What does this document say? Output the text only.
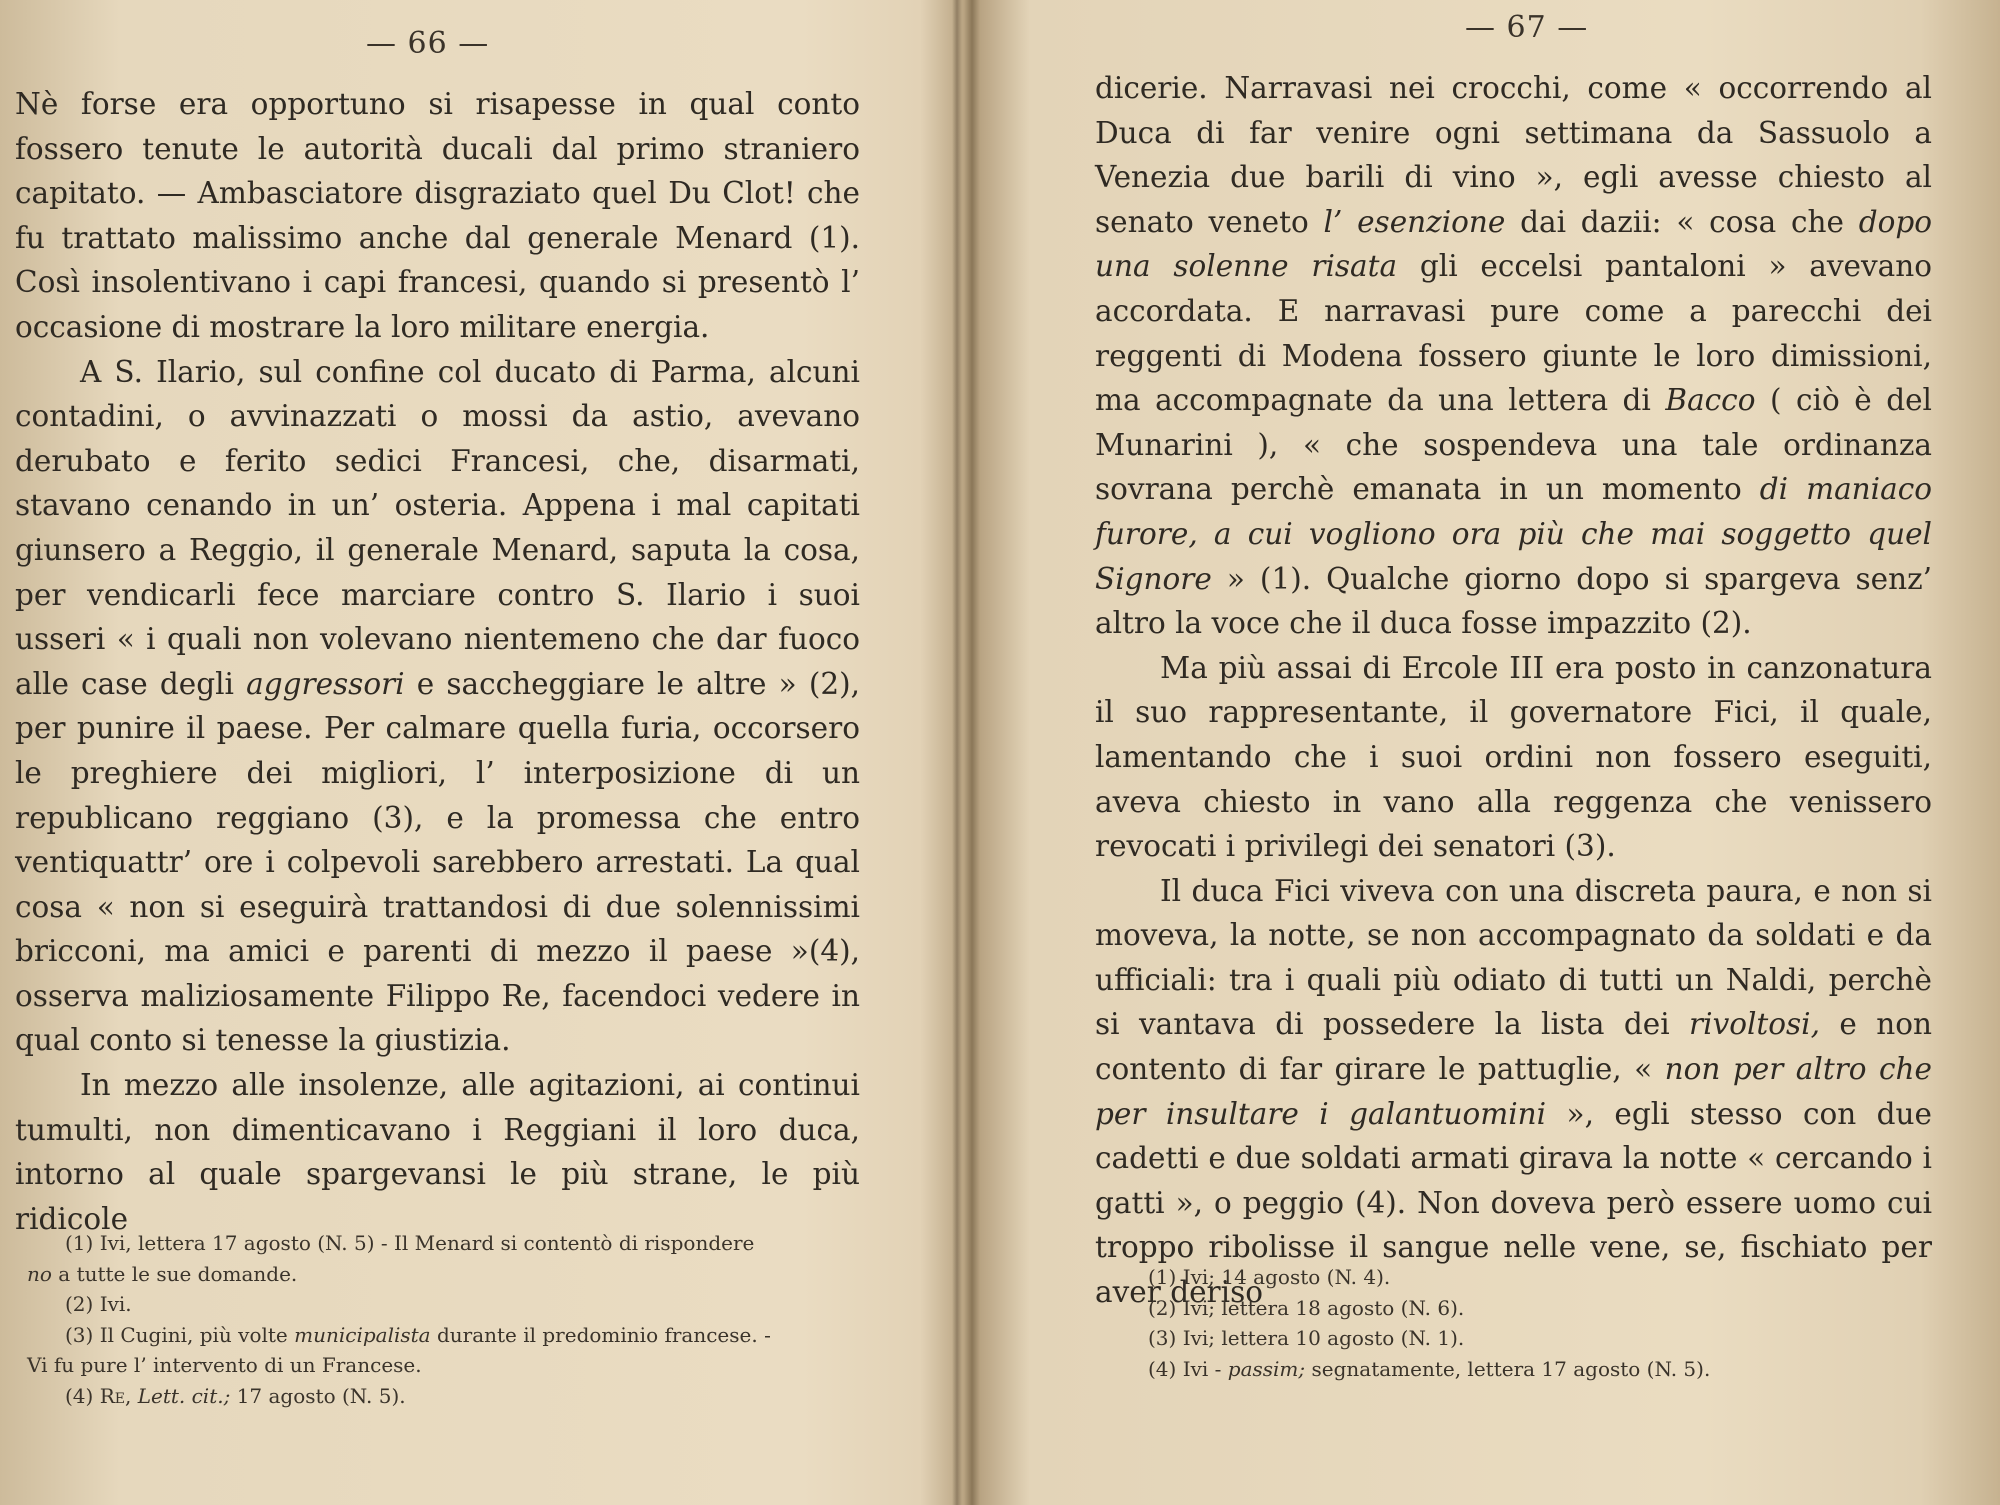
— 66 —

Nè forse era opportuno si risapesse in qual conto fossero tenute le autorità ducali dal primo straniero capitato. — Ambasciatore disgraziato quel Du Clot! che fu trattato malissimo anche dal generale Menard (1). Così insolentivano i capi francesi, quando si presentò l’ occasione di mostrare la loro militare energia.

A S. Ilario, sul confine col ducato di Parma, alcuni contadini, o avvinazzati o mossi da astio, avevano derubato e ferito sedici Francesi, che, disarmati, stavano cenando in un’ osteria. Appena i mal capitati giunsero a Reggio, il generale Menard, saputa la cosa, per vendicarli fece marciare contro S. Ilario i suoi usseri « i quali non volevano nientemeno che dar fuoco alle case degli aggressori e saccheggiare le altre » (2), per punire il paese. Per calmare quella furia, occorsero le preghiere dei migliori, l’ interposizione di un republicano reggiano (3), e la promessa che entro ventiquattr’ ore i colpevoli sarebbero arrestati. La qual cosa « non si eseguirà trattandosi di due solennissimi bricconi, ma amici e parenti di mezzo il paese »(4), osserva maliziosamente Filippo Re, facendoci vedere in qual conto si tenesse la giustizia.

In mezzo alle insolenze, alle agitazioni, ai continui tumulti, non dimenticavano i Reggiani il loro duca, intorno al quale spargevansi le più strane, le più ridicole

(1) Ivi, lettera 17 agosto (N. 5) - Il Menard si contentò di rispondere

no a tutte le sue domande.

(2) Ivi.

(3) Il Cugini, più volte municipalista durante il predominio francese. -

Vi fu pure l’ intervento di un Francese.

(4) Re, Lett. cit.; 17 agosto (N. 5).

— 67 —

dicerie. Narravasi nei crocchi, come « occorrendo al Duca di far venire ogni settimana da Sassuolo a Venezia due barili di vino », egli avesse chiesto al senato veneto l’ esenzione dai dazii: « cosa che dopo una solenne risata gli eccelsi pantaloni » avevano accordata. E narravasi pure come a parecchi dei reggenti di Modena fossero giunte le loro dimissioni, ma accompagnate da una lettera di Bacco ( ciò è del Munarini ), « che sospendeva una tale ordinanza sovrana perchè emanata in un momento di maniaco furore, a cui vogliono ora più che mai soggetto quel Signore » (1). Qualche giorno dopo si spargeva senz’ altro la voce che il duca fosse impazzito (2).

Ma più assai di Ercole III era posto in canzonatura il suo rappresentante, il governatore Fici, il quale, lamentando che i suoi ordini non fossero eseguiti, aveva chiesto in vano alla reggenza che venissero revocati i privilegi dei senatori (3).

Il duca Fici viveva con una discreta paura, e non si moveva, la notte, se non accompagnato da soldati e da ufficiali: tra i quali più odiato di tutti un Naldi, perchè si vantava di possedere la lista dei rivoltosi, e non contento di far girare le pattuglie, « non per altro che per insultare i galantuomini », egli stesso con due cadetti e due soldati armati girava la notte « cercando i gatti », o peggio (4). Non doveva però essere uomo cui troppo ribolisse il sangue nelle vene, se, fischiato per aver deriso

(1) Ivi; 14 agosto (N. 4).

(2) Ivi; lettera 18 agosto (N. 6).

(3) Ivi; lettera 10 agosto (N. 1).

(4) Ivi - passim; segnatamente, lettera 17 agosto (N. 5).
